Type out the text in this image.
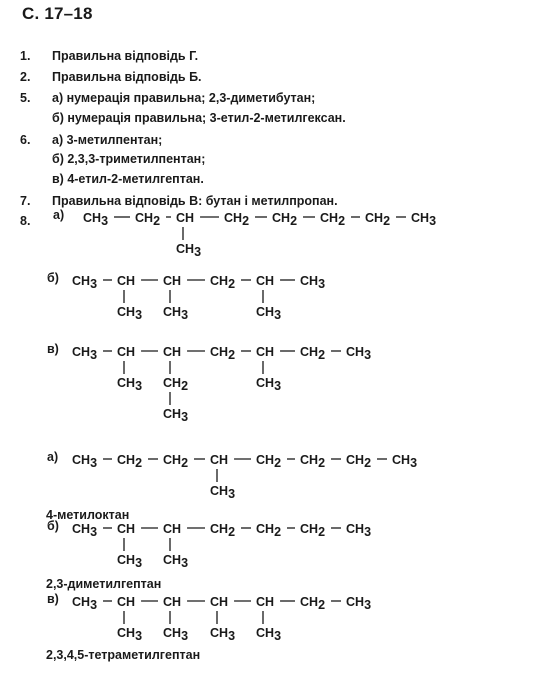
С. 17–18
1. Правильна відповідь Г.
2. Правильна відповідь Б.
5. а) нумерація правильна; 2,3-диметибутан;
б) нумерація правильна; 3-етил-2-метилгексан.
6. а) 3-метилпентан;
б) 2,3,3-триметилпентан;
в) 4-етил-2-метилгептан.
7. Правильна відповідь В: бутан і метилпропан.
8. а) CH3 CH2 CH CH2 CH2 CH2 CH2 CH3
CH3
б) CH3 CH CH CH2 CH CH3
CH3 CH3	CH3
в) CH3 CH CH CH2 CH CH2 CH3
CH3 CH2
CH3
CH3
а) CH3 CH2 CH2 CH CH2 CH2 CH2 CH3
CH3
б) CH3 CH CH CH2 CH2 CH2 CH3
CH3 CH3
в) CH3 CH CH CH CH CH2 CH3
CH3 CH3 CH3 CH3
4-метилоктан
2,3-диметилгептан
2,3,4,5-тетраметилгептан
